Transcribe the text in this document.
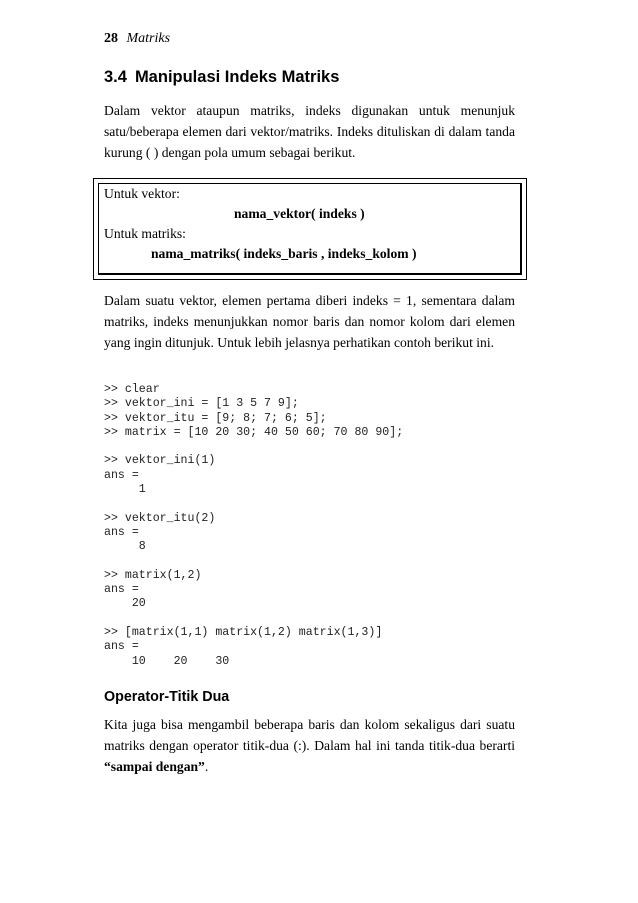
28 Matriks
3.4 Manipulasi Indeks Matriks

Dalam vektor ataupun matriks, indeks digunakan untuk menunjuk satu/beberapa elemen dari vektor/matriks. Indeks dituliskan di dalam tanda kurung ( ) dengan pola umum sebagai berikut.

Untuk vektor:
nama_vektor( indeks )
Untuk matriks:
nama_matriks( indeks_baris , indeks_kolom )

Dalam suatu vektor, elemen pertama diberi indeks = 1, sementara dalam matriks, indeks menunjukkan nomor baris dan nomor kolom dari elemen yang ingin ditunjuk. Untuk lebih jelasnya perhatikan contoh berikut ini.

>> clear
>> vektor_ini = [1 3 5 7 9];
>> vektor_itu = [9; 8; 7; 6; 5];
>> matrix = [10 20 30; 40 50 60; 70 80 90];
>> vektor_ini(1)
ans =
1
>> vektor_itu(2)
ans =
8
>> matrix(1,2)
ans =
20
>> [matrix(1,1) matrix(1,2) matrix(1,3)]
ans =
10    20    30
Operator-Titik Dua

Kita juga bisa mengambil beberapa baris dan kolom sekaligus dari suatu matriks dengan operator titik-dua (:). Dalam hal ini tanda titik-dua berarti “sampai dengan”.
